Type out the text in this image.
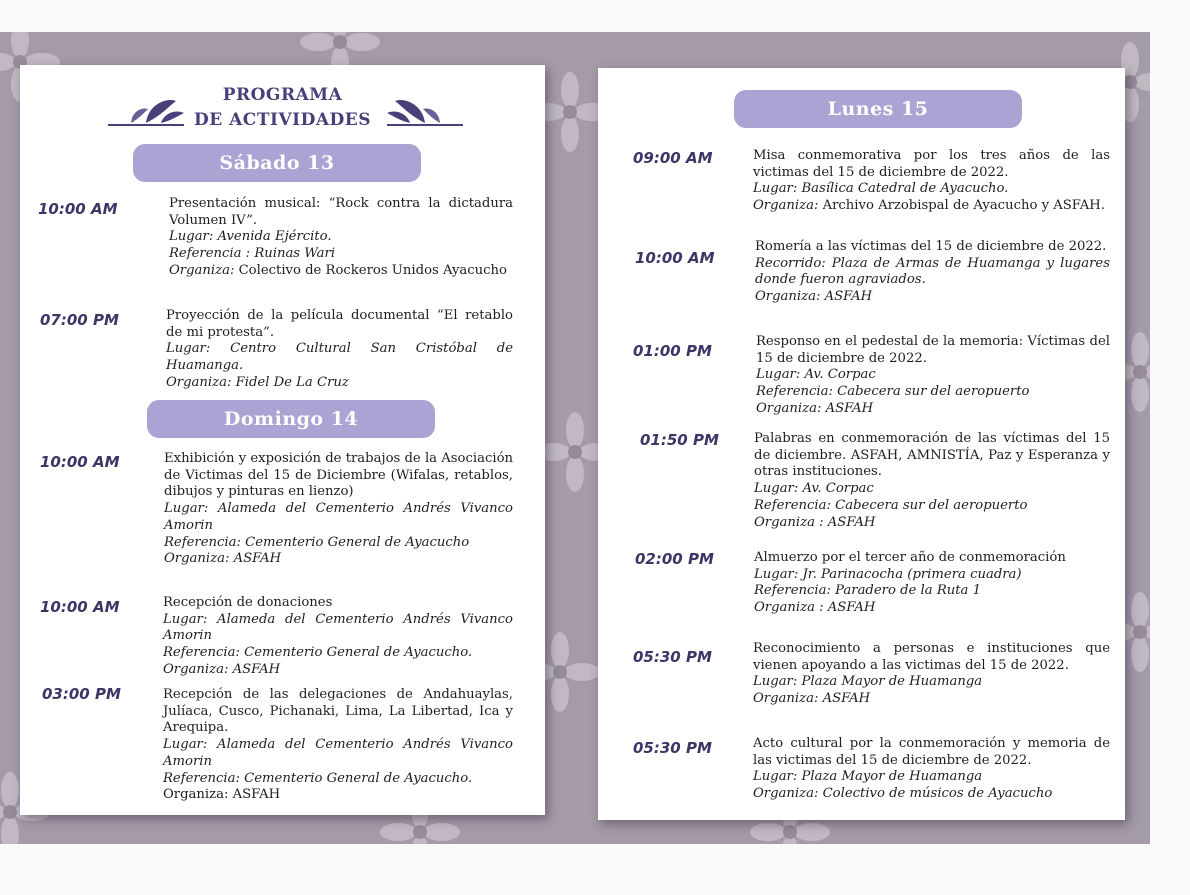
PROGRAMA
DE ACTIVIDADES
Sábado 13
10:00 AM	Presentación musical: “Rock contra la dictadura Volumen IV”.
Lugar: Avenida Ejército.
Referencia : Ruinas Wari
Organiza: Colectivo de Rockeros Unidos Ayacucho
07:00 PM	Proyección de la película documental “El retablo de mi protesta”.
Lugar: Centro Cultural San Cristóbal de Huamanga.
Organiza: Fidel De La Cruz
Domingo 14
10:00 AM	Exhibición y exposición de trabajos de la Asociación de Victimas del 15 de Diciembre (Wifalas, retablos, dibujos y pinturas en lienzo)
Lugar: Alameda del Cementerio Andrés Vivanco Amorin
Referencia: Cementerio General de Ayacucho
Organiza: ASFAH
10:00 AM	Recepción de donaciones
Lugar: Alameda del Cementerio Andrés Vivanco Amorin
Referencia: Cementerio General de Ayacucho.
Organiza: ASFAH
03:00 PM	Recepción de las delegaciones de Andahuaylas, Julíaca, Cusco, Pichanaki, Lima, La Libertad, Ica y Arequipa.
Lugar: Alameda del Cementerio Andrés Vivanco Amorin
Referencia: Cementerio General de Ayacucho.
Organiza: ASFAH
Lunes 15
09:00 AM	Misa conmemorativa por los tres años de las victimas del 15 de diciembre de 2022.
Lugar: Basílica Catedral de Ayacucho.
Organiza: Archivo Arzobispal de Ayacucho y ASFAH.
10:00 AM
Romería a las víctimas del 15 de diciembre de 2022.
Recorrido: Plaza de Armas de Huamanga y lugares donde fueron agraviados.
Organiza: ASFAH
01:00 PM
Responso en el pedestal de la memoria: Víctimas del 15 de diciembre de 2022.
Lugar: Av. Corpac
Referencia: Cabecera sur del aeropuerto
Organiza: ASFAH
01:50 PM	Palabras en conmemoración de las víctimas del 15 de diciembre. ASFAH, AMNISTÍA, Paz y Esperanza y otras instituciones.
Lugar: Av. Corpac
Referencia: Cabecera sur del aeropuerto
Organiza : ASFAH
02:00 PM	Almuerzo por el tercer año de conmemoración
Lugar: Jr. Parinacocha (primera cuadra)
Referencia: Paradero de la Ruta 1
Organiza : ASFAH
05:30 PM	Reconocimiento a personas e instituciones que vienen apoyando a las victimas del 15 de 2022.
Lugar: Plaza Mayor de Huamanga
Organiza: ASFAH
05:30 PM	Acto cultural por la conmemoración y memoria de las victimas del 15 de diciembre de 2022.
Lugar: Plaza Mayor de Huamanga
Organiza: Colectivo de músicos de Ayacucho
